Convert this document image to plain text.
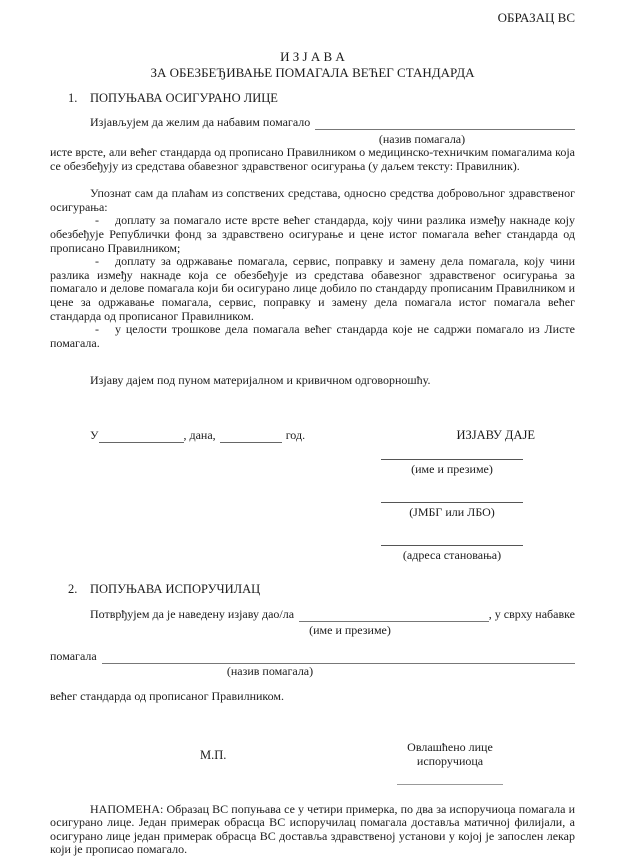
ОБРАЗАЦ ВС
И З Ј А В А
ЗА ОБЕЗБЕЂИВАЊЕ ПОМАГАЛА ВЕЋЕГ СТАНДАРДА
1.	ПОПУЊАВА ОСИГУРАНО ЛИЦЕ
Изјављујем да желим да набавим помагало
(назив помагала)

исте врсте, али већег стандарда од прописано Правилником о медицинско-техничким помагалима која се обезбеђују из средстава обавезног здравственог осигурања (у даљем тексту: Правилник).

Упознат сам да плаћам из сопствених средстава, односно средства добровољног здравственог осигурања:

- доплату за помагало исте врсте већег стандарда, коју чини разлика између накнаде коју обезбеђује Републички фонд за здравствено осигурање и цене истог помагала већег стандарда од прописано Правилником;

- доплату за одржавање помагала, сервис, поправку и замену дела помагала, коју чини разлика између накнаде која се обезбеђује из средстава обавезног здравственог осигурања за помагало и делове помагала који би осигурано лице добило по стандарду прописаним Правилником и цене за одржавање помагала, сервис, поправку и замену дела помагала истог помагала већег стандарда од прописаног Правилником.

- у целости трошкове дела помагала већег стандарда које не садржи помагало из Листе помагала.

Изјаву дајем под пуном материјалном и кривичном одговорношћу.

У	, дана,	год.	ИЗЈАВУ ДАЈЕ
(име и презиме)
(ЈМБГ или ЛБО)
(адреса становања)
2.	ПОПУЊАВА ИСПОРУЧИЛАЦ
Потврђујем да је наведену изјаву дао/ла	, у сврху набавке
(име и презиме)
помагала
(назив помагала)

већег стандарда од прописаног Правилником.

М.П.
Овлашћено лице
испоручиоца

НАПОМЕНА: Образац ВС попуњава се у четири примерка, по два за испоручиоца помагала и осигурано лице. Један примерак обрасца ВС испоручилац помагала доставља матичној филијали, а осигурано лице један примерак обрасца ВС доставља здравственој установи у којој је запослен лекар који је прописао помагало.
